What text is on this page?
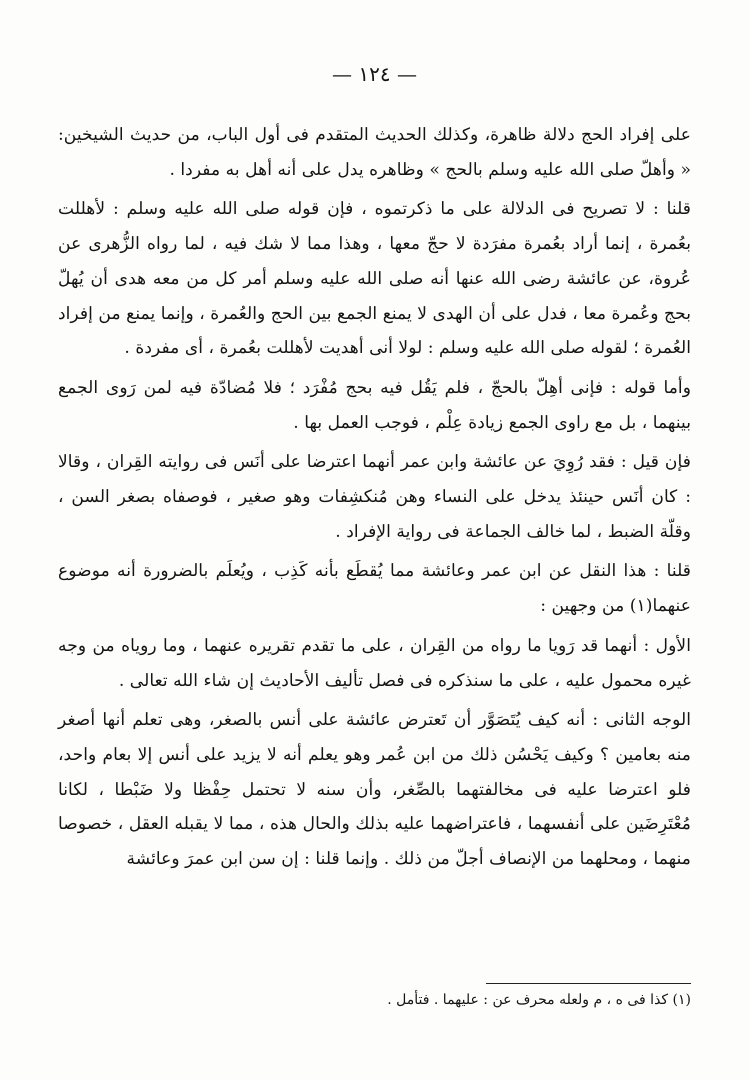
— ١٢٤ —

على إفراد الحج دلالة ظاهرة، وكذلك الحديث المتقدم فى أول الباب، من حديث الشيخين: « وأهلّ صلى الله عليه وسلم بالحج » وظاهره يدل على أنه أهل به مفردا .

قلنا : لا تصريح فى الدلالة على ما ذكرتموه ، فإن قوله صلى الله عليه وسلم : لأهللت بعُمرة ، إنما أراد بعُمرة مفرَدة لا حجّ معها ، وهذا مما لا شك فيه ، لما رواه الزُّهرى عن عُروة، عن عائشة رضى الله عنها أنه صلى الله عليه وسلم أمر كل من معه هدى أن يُهلّ بحج وعُمرة معا ، فدل على أن الهدى لا يمنع الجمع بين الحج والعُمرة ، وإنما يمنع من إفراد العُمرة ؛ لقوله صلى الله عليه وسلم : لولا أنى أهديت لأهللت بعُمرة ، أى مفردة .

وأما قوله : فإنى أهِلّ بالحجّ ، فلم يَقُل فيه بحج مُفْرَد ؛ فلا مُضادّة فيه لمن رَوى الجمع بينهما ، بل مع راوى الجمع زيادة عِلْم ، فوجب العمل بها .

فإن قيل : فقد رُوِيَ عن عائشة وابن عمر أنهما اعترضا على أنَس فى روايته القِران ، وقالا : كان أنَس حينئذ يدخل على النساء وهن مُنكشِفات وهو صغير ، فوصفاه بصغر السن ، وقلّة الضبط ، لما خالف الجماعة فى رواية الإفراد .

قلنا : هذا النقل عن ابن عمر وعائشة مما يُقطَع بأنه كَذِب ، ويُعلَم بالضرورة أنه موضوع عنهما(١) من وجهين :

الأول : أنهما قد رَويا ما رواه من القِران ، على ما تقدم تقريره عنهما ، وما روياه من وجه غيره محمول عليه ، على ما سنذكره فى فصل تأليف الأحاديث إن شاء الله تعالى .

الوجه الثانى : أنه كيف يُتَصَوَّر أن تَعترض عائشة على أنس بالصغر، وهى تعلم أنها أصغر منه بعامين ؟ وكيف يَحْسُن ذلك من ابن عُمر وهو يعلم أنه لا يزيد على أنس إلا بعام واحد، فلو اعترضا عليه فى مخالفتهما بالصِّغر، وأن سنه لا تحتمل حِفْظا ولا ضَبْطا ، لكانا مُعْتَرِضَين على أنفسهما ، فاعتراضهما عليه بذلك والحال هذه ، مما لا يقبله العقل ، خصوصا منهما ، ومحلهما من الإنصاف أجلّ من ذلك . وإنما قلنا : إن سن ابن عمرَ وعائشة

(١) كذا فى ه ، م ولعله محرف عن : عليهما . فتأمل .
